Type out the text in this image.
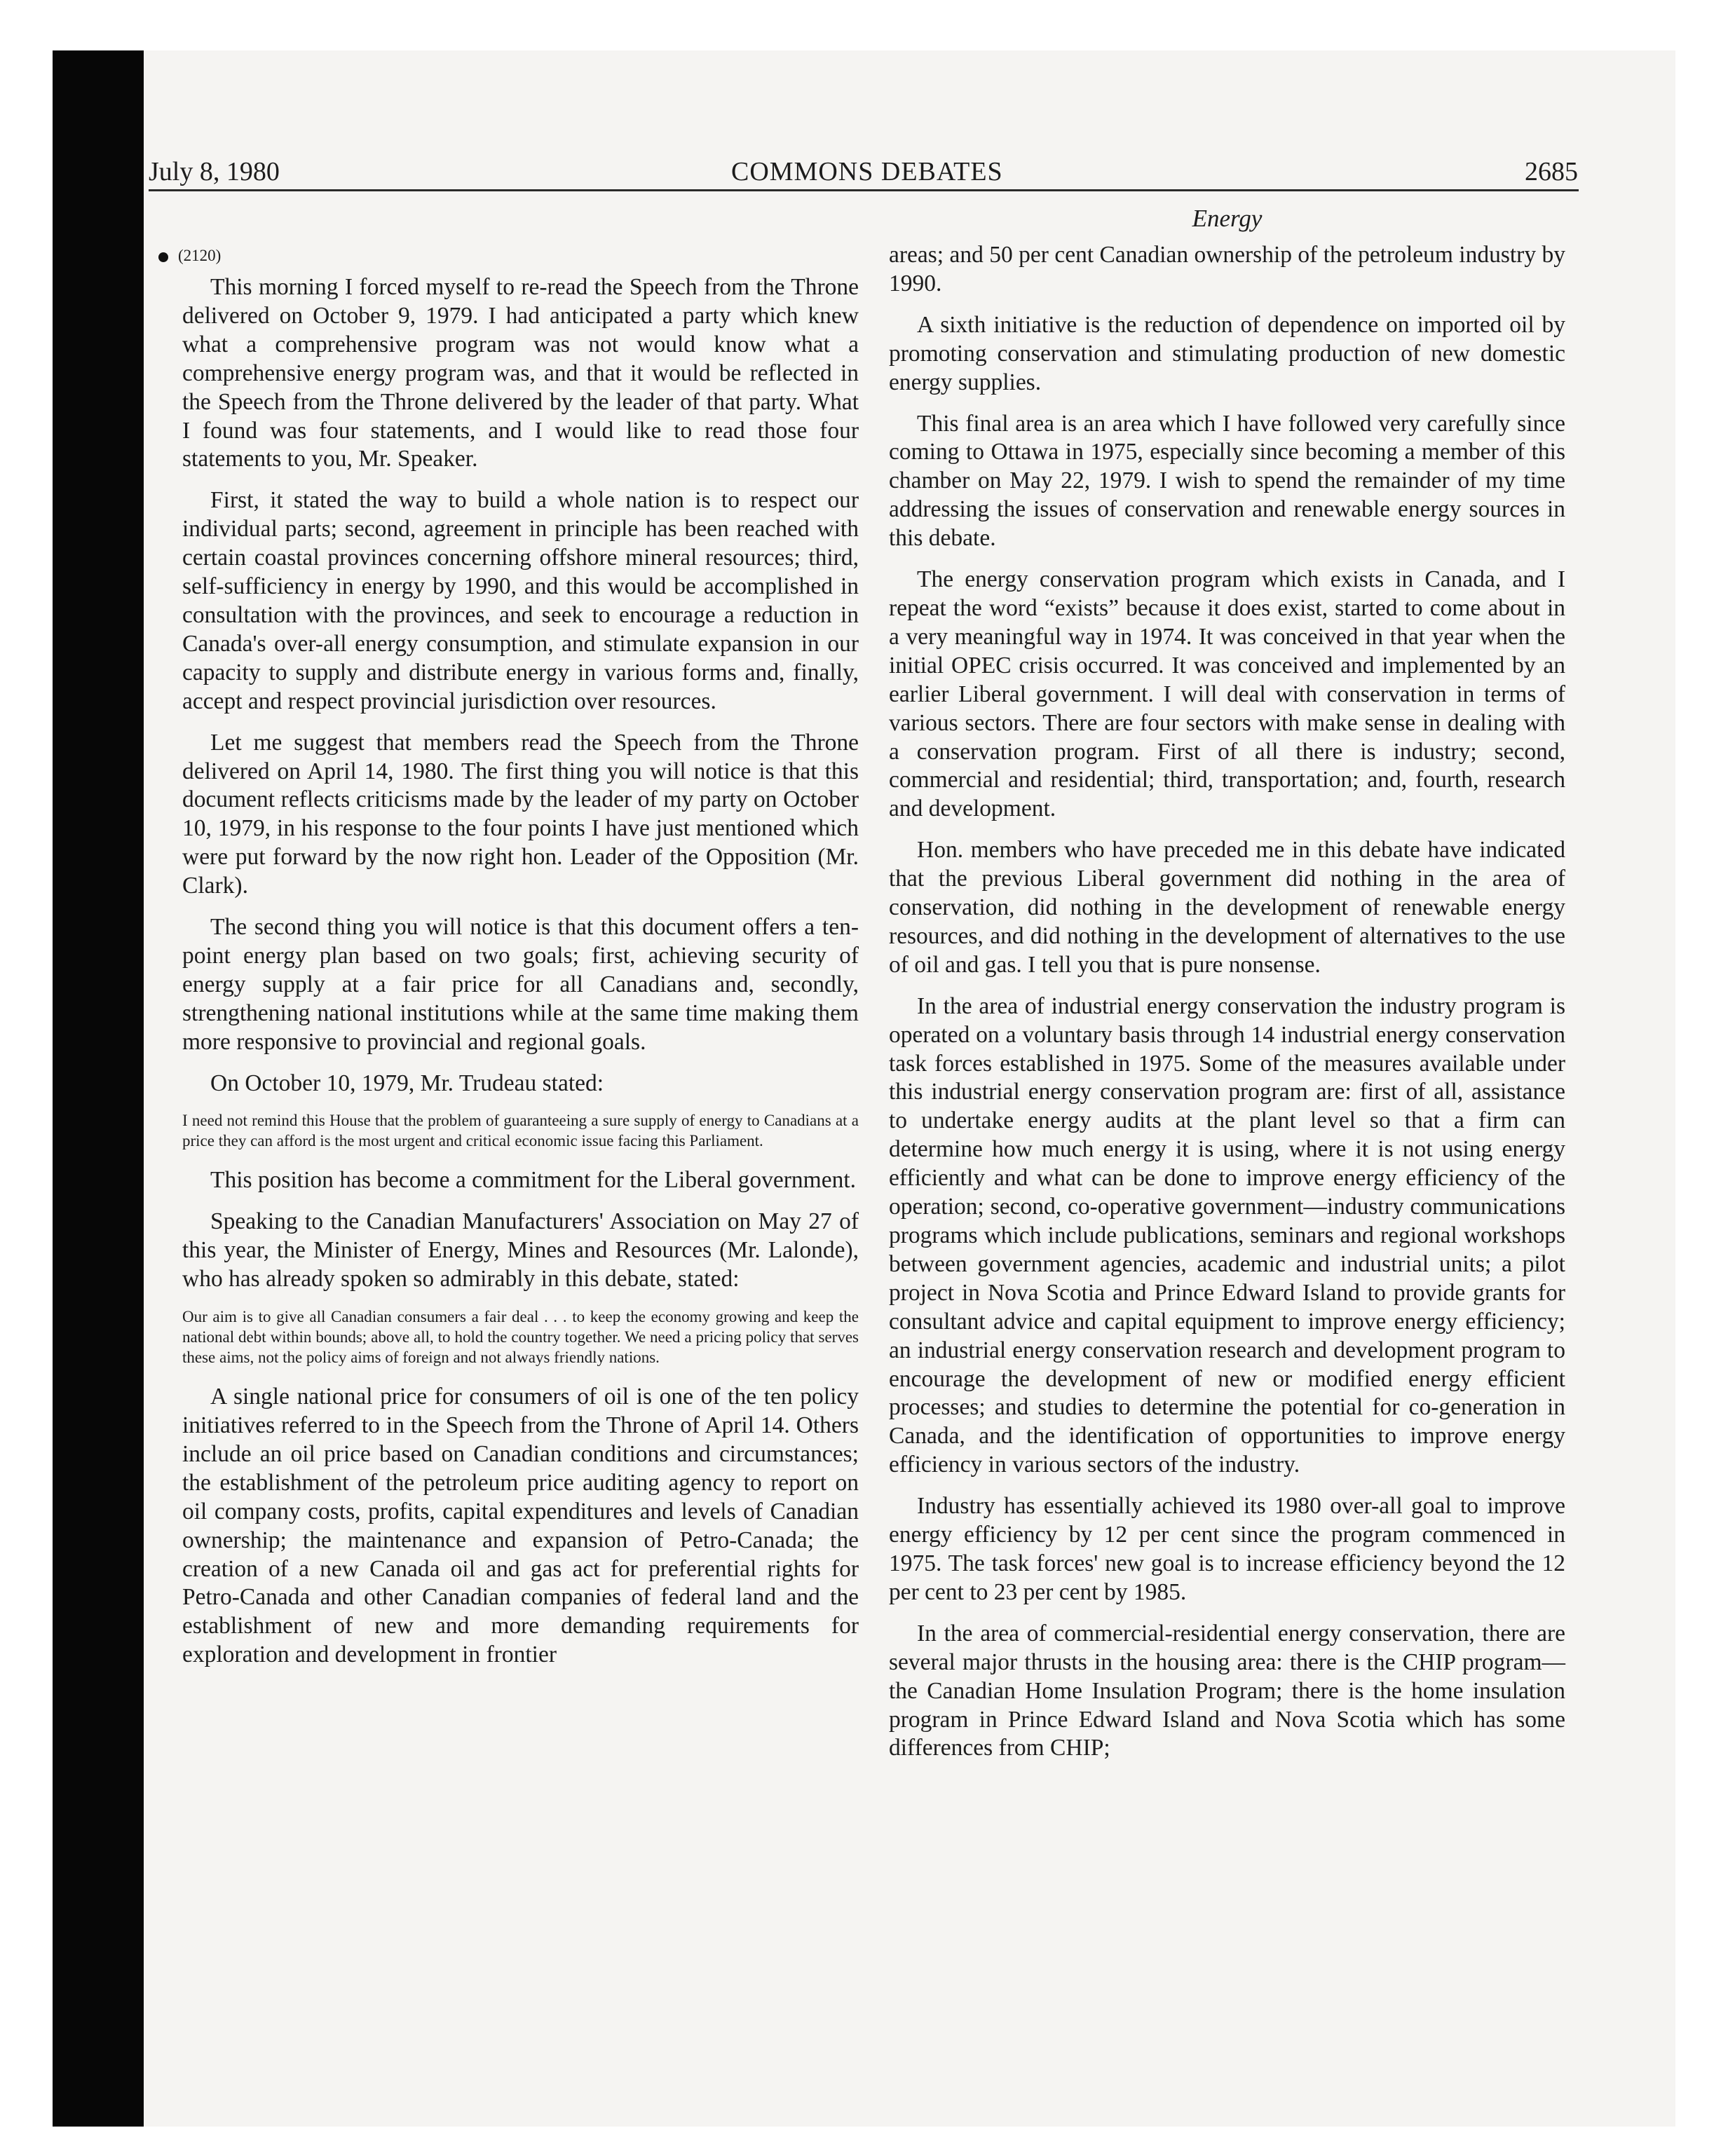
July 8, 1980	COMMONS DEBATES	2685
(2120)

This morning I forced myself to re-read the Speech from the Throne delivered on October 9, 1979. I had anticipated a party which knew what a comprehensive program was not would know what a comprehensive energy program was, and that it would be reflected in the Speech from the Throne delivered by the leader of that party. What I found was four statements, and I would like to read those four statements to you, Mr. Speaker.

First, it stated the way to build a whole nation is to respect our individual parts; second, agreement in principle has been reached with certain coastal provinces concerning offshore mineral resources; third, self-sufficiency in energy by 1990, and this would be accomplished in consultation with the provinces, and seek to encourage a reduction in Canada's over-all energy consumption, and stimulate expansion in our capacity to supply and distribute energy in various forms and, finally, accept and respect provincial jurisdiction over resources.

Let me suggest that members read the Speech from the Throne delivered on April 14, 1980. The first thing you will notice is that this document reflects criticisms made by the leader of my party on October 10, 1979, in his response to the four points I have just mentioned which were put forward by the now right hon. Leader of the Opposition (Mr. Clark).

The second thing you will notice is that this document offers a ten-point energy plan based on two goals; first, achieving security of energy supply at a fair price for all Canadians and, secondly, strengthening national institutions while at the same time making them more responsive to provincial and regional goals.

On October 10, 1979, Mr. Trudeau stated:

I need not remind this House that the problem of guaranteeing a sure supply of energy to Canadians at a price they can afford is the most urgent and critical economic issue facing this Parliament.

This position has become a commitment for the Liberal government.

Speaking to the Canadian Manufacturers' Association on May 27 of this year, the Minister of Energy, Mines and Resources (Mr. Lalonde), who has already spoken so admirably in this debate, stated:

Our aim is to give all Canadian consumers a fair deal . . . to keep the economy growing and keep the national debt within bounds; above all, to hold the country together. We need a pricing policy that serves these aims, not the policy aims of foreign and not always friendly nations.

A single national price for consumers of oil is one of the ten policy initiatives referred to in the Speech from the Throne of April 14. Others include an oil price based on Canadian conditions and circumstances; the establishment of the petroleum price auditing agency to report on oil company costs, profits, capital expenditures and levels of Canadian ownership; the maintenance and expansion of Petro-Canada; the creation of a new Canada oil and gas act for preferential rights for Petro-Canada and other Canadian companies of federal land and the establishment of new and more demanding requirements for exploration and development in frontier

Energy

areas; and 50 per cent Canadian ownership of the petroleum industry by 1990.

A sixth initiative is the reduction of dependence on imported oil by promoting conservation and stimulating production of new domestic energy supplies.

This final area is an area which I have followed very carefully since coming to Ottawa in 1975, especially since becoming a member of this chamber on May 22, 1979. I wish to spend the remainder of my time addressing the issues of conservation and renewable energy sources in this debate.

The energy conservation program which exists in Canada, and I repeat the word “exists” because it does exist, started to come about in a very meaningful way in 1974. It was conceived in that year when the initial OPEC crisis occurred. It was conceived and implemented by an earlier Liberal government. I will deal with conservation in terms of various sectors. There are four sectors with make sense in dealing with a conservation program. First of all there is industry; second, commercial and residential; third, transportation; and, fourth, research and development.

Hon. members who have preceded me in this debate have indicated that the previous Liberal government did nothing in the area of conservation, did nothing in the development of renewable energy resources, and did nothing in the development of alternatives to the use of oil and gas. I tell you that is pure nonsense.

In the area of industrial energy conservation the industry program is operated on a voluntary basis through 14 industrial energy conservation task forces established in 1975. Some of the measures available under this industrial energy conservation program are: first of all, assistance to undertake energy audits at the plant level so that a firm can determine how much energy it is using, where it is not using energy efficiently and what can be done to improve energy efficiency of the operation; second, co-operative government—industry communications programs which include publications, seminars and regional workshops between government agencies, academic and industrial units; a pilot project in Nova Scotia and Prince Edward Island to provide grants for consultant advice and capital equipment to improve energy efficiency; an industrial energy conservation research and development program to encourage the development of new or modified energy efficient processes; and studies to determine the potential for co-generation in Canada, and the identification of opportunities to improve energy efficiency in various sectors of the industry.

Industry has essentially achieved its 1980 over-all goal to improve energy efficiency by 12 per cent since the program commenced in 1975. The task forces' new goal is to increase efficiency beyond the 12 per cent to 23 per cent by 1985.

In the area of commercial-residential energy conservation, there are several major thrusts in the housing area: there is the CHIP program—the Canadian Home Insulation Program; there is the home insulation program in Prince Edward Island and Nova Scotia which has some differences from CHIP;
